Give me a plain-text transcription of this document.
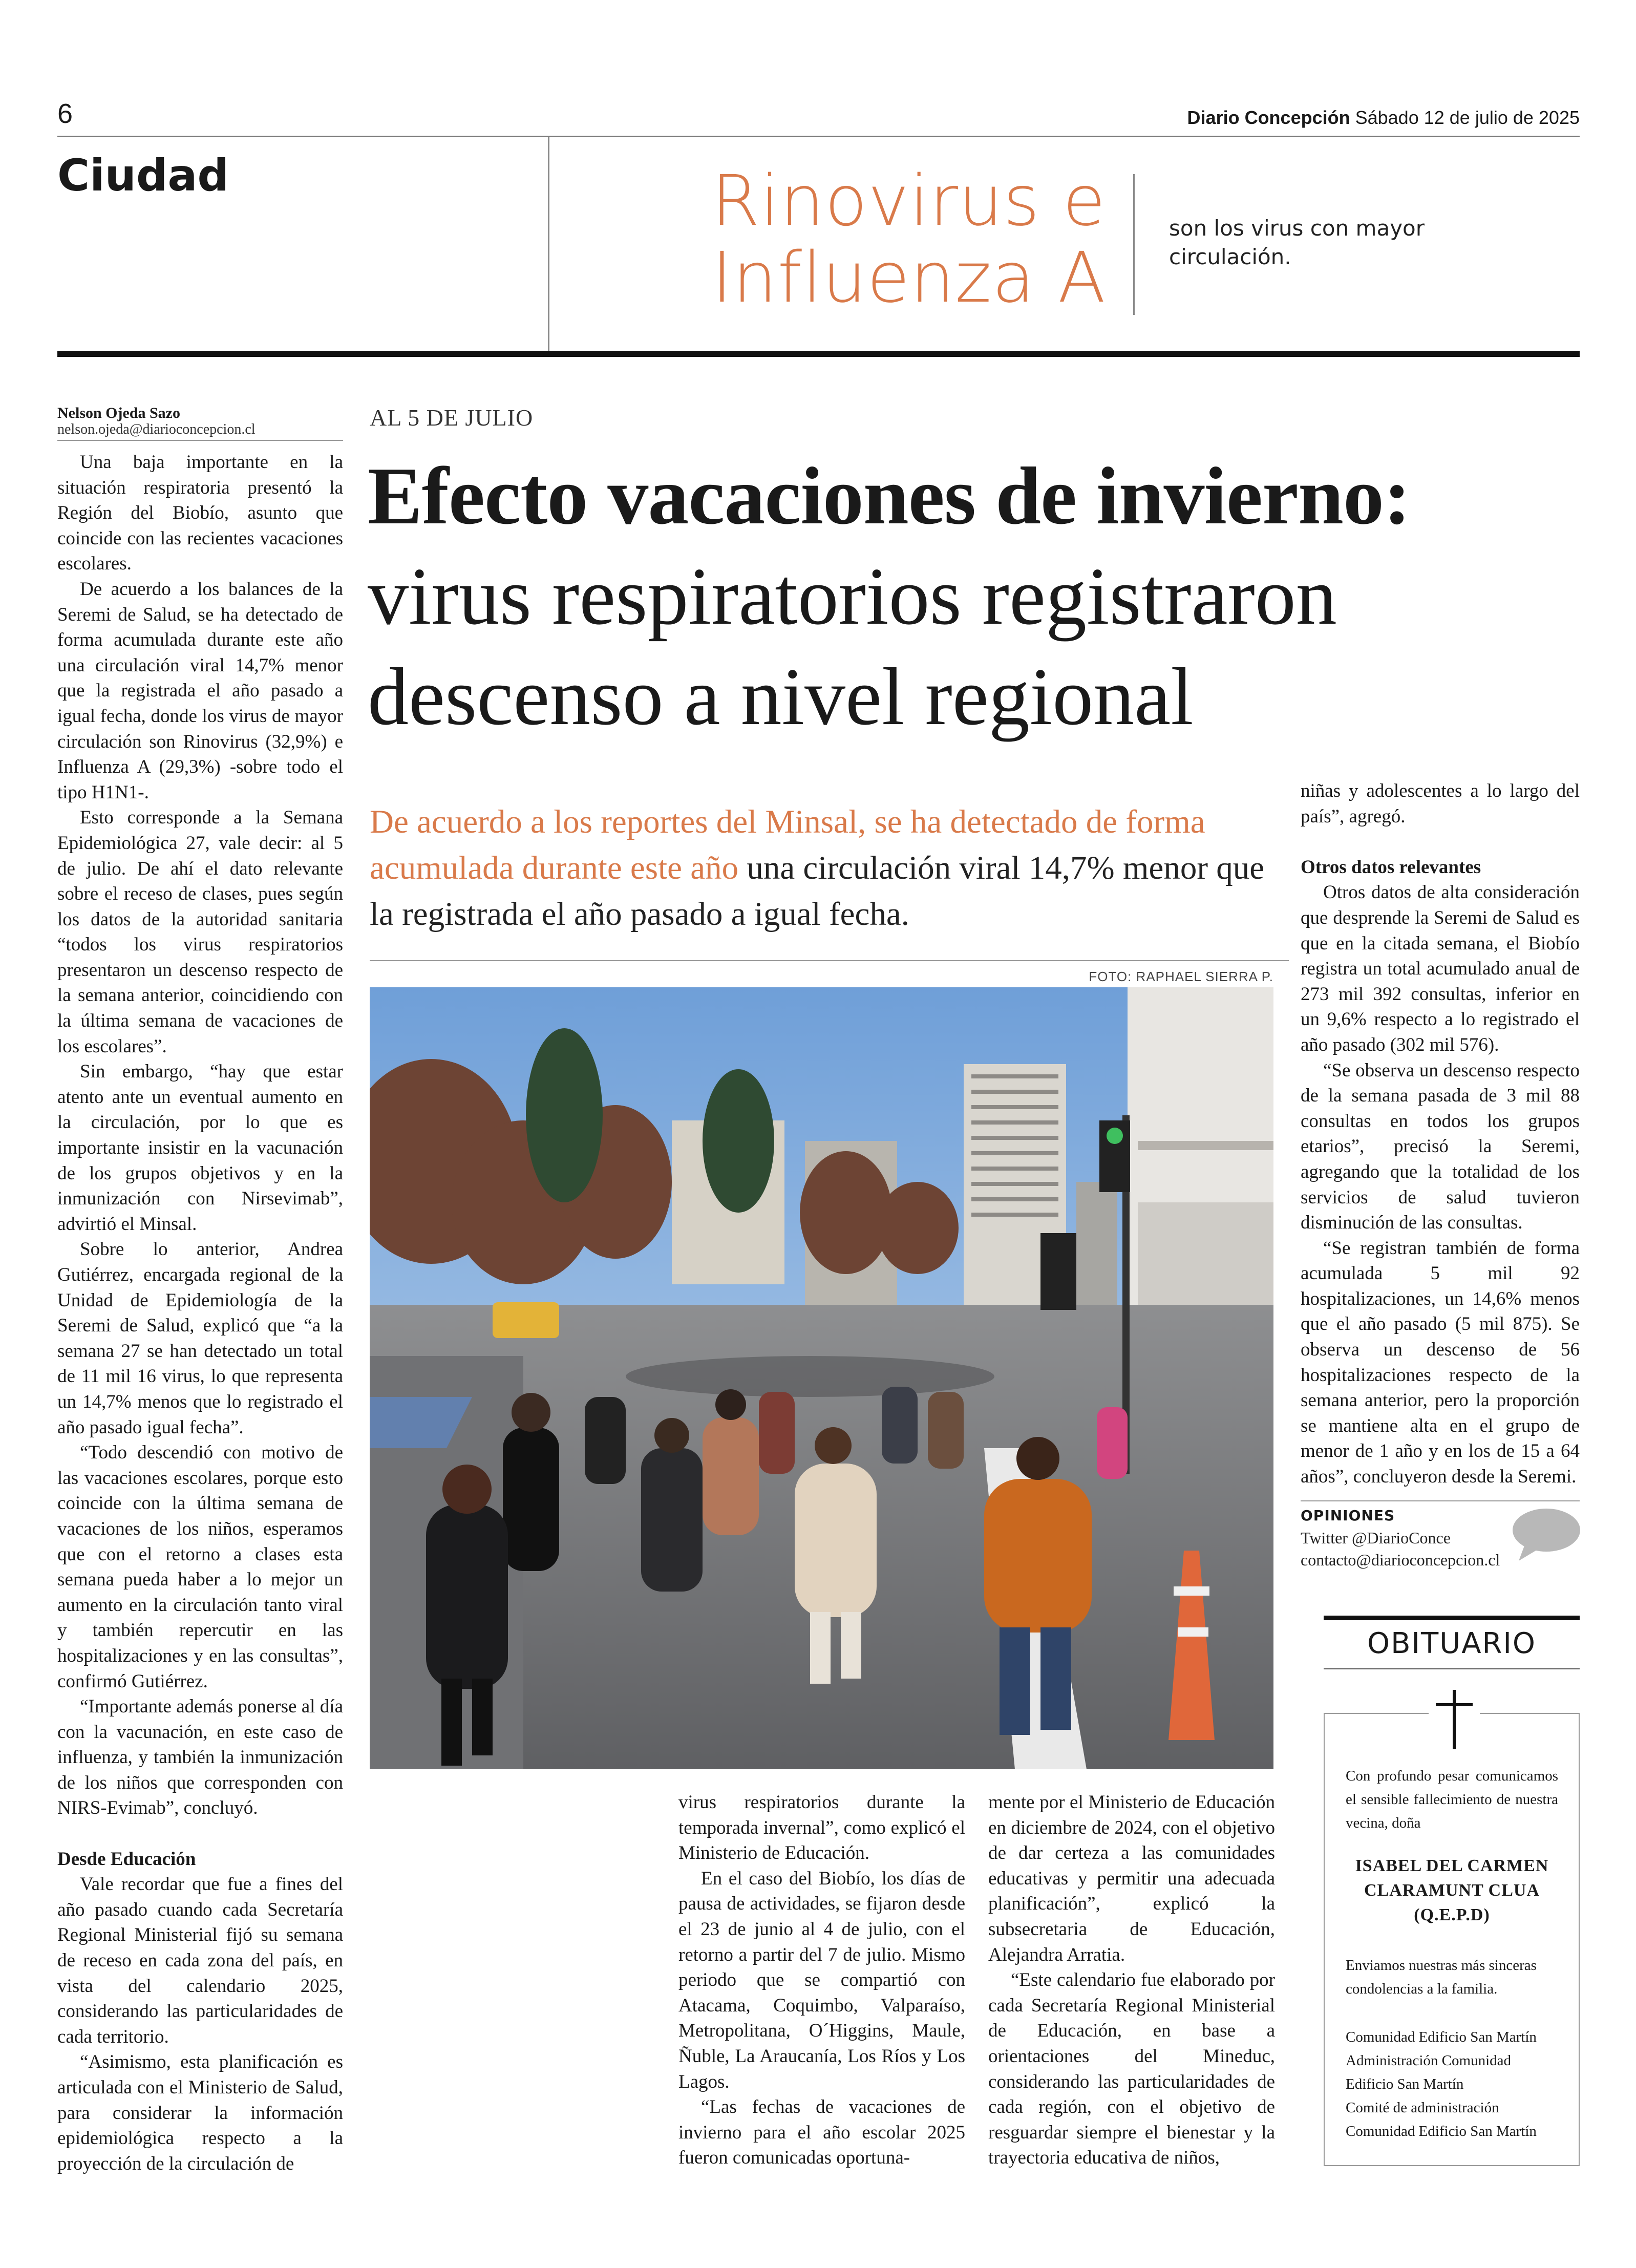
6	Diario Concepción Sábado 12 de julio de 2025
Ciudad	Rinovirus e
Influenza A
son los virus con mayor circulación.
Nelson Ojeda Sazo
nelson.ojeda@diarioconcepcion.cl	AL 5 DE JULIO
Efecto vacaciones de invierno:
virus respiratorios registraron
descenso a nivel regional
De acuerdo a los reportes del Minsal, se ha detectado de forma acumulada durante este año una circulación viral 14,7% menor que la registrada el año pasado a igual fecha.
FOTO: RAPHAEL SIERRA P.

Una baja importante en la situación respiratoria presentó la Región del Biobío, asunto que coincide con las recientes vacaciones escolares.

De acuerdo a los balances de la Seremi de Salud, se ha detectado de forma acumulada durante este año una circulación viral 14,7% menor que la registrada el año pasado a igual fecha, donde los virus de mayor circulación son Rinovirus (32,9%) e Influenza A (29,3%) -sobre todo el tipo H1N1-.

Esto corresponde a la Semana Epidemiológica 27, vale decir: al 5 de julio. De ahí el dato relevante sobre el receso de clases, pues según los datos de la autoridad sanitaria “todos los virus respiratorios presentaron un descenso respecto de la semana anterior, coincidiendo con la última semana de vacaciones de los escolares”.

Sin embargo, “hay que estar atento ante un eventual aumento en la circulación, por lo que es importante insistir en la vacunación de los grupos objetivos y en la inmunización con Nirsevimab”, advirtió el Minsal.

Sobre lo anterior, Andrea Gutiérrez, encargada regional de la Unidad de Epidemiología de la Seremi de Salud, explicó que “a la semana 27 se han detectado un total de 11 mil 16 virus, lo que representa un 14,7% menos que lo registrado el año pasado igual fecha”.

“Todo descendió con motivo de las vacaciones escolares, porque esto coincide con la última semana de vacaciones de los niños, esperamos que con el retorno a clases esta semana pueda haber a lo mejor un aumento en la circulación tanto viral y también repercutir en las hospitalizaciones y en las consultas”, confirmó Gutiérrez.

“Importante además ponerse al día con la vacunación, en este caso de influenza, y también la inmunización de los niños que corresponden con NIRS-Evimab”, concluyó.

Desde Educación

Vale recordar que fue a fines del año pasado cuando cada Secretaría Regional Ministerial fijó su semana de receso en cada zona del país, en vista del calendario 2025, considerando las particularidades de cada territorio.

“Asimismo, esta planificación es articulada con el Ministerio de Salud, para considerar la información epidemiológica respecto a la proyección de la circulación de

virus respiratorios durante la temporada invernal”, como explicó el Ministerio de Educación.

En el caso del Biobío, los días de pausa de actividades, se fijaron desde el 23 de junio al 4 de julio, con el retorno a partir del 7 de julio. Mismo periodo que se compartió con Atacama, Coquimbo, Valparaíso, Metropolitana, O´Higgins, Maule, Ñuble, La Araucanía, Los Ríos y Los Lagos.

“Las fechas de vacaciones de invierno para el año escolar 2025 fueron comunicadas oportuna-

mente por el Ministerio de Educación en diciembre de 2024, con el objetivo de dar certeza a las comunidades educativas y permitir una adecuada planificación”, explicó la subsecretaria de Educación, Alejandra Arratia.

“Este calendario fue elaborado por cada Secretaría Regional Ministerial de Educación, en base a orientaciones del Mineduc, considerando las particularidades de cada región, con el objetivo de resguardar siempre el bienestar y la trayectoria educativa de niños,

niñas y adolescentes a lo largo del país”, agregó.

Otros datos relevantes

Otros datos de alta consideración que desprende la Seremi de Salud es que en la citada semana, el Biobío registra un total acumulado anual de 273 mil 392 consultas, inferior en un 9,6% respecto a lo registrado el año pasado (302 mil 576).

“Se observa un descenso respecto de la semana pasada de 3 mil 88 consultas en todos los grupos etarios”, precisó la Seremi, agregando que la totalidad de los servicios de salud tuvieron disminución de las consultas.

“Se registran también de forma acumulada 5 mil 92 hospitalizaciones, un 14,6% menos que el año pasado (5 mil 875). Se observa un descenso de 56 hospitalizaciones respecto de la semana anterior, pero la proporción se mantiene alta en el grupo de menor de 1 año y en los de 15 a 64 años”, concluyeron desde la Seremi.

OPINIONES
Twitter @DiarioConce
contacto@diarioconcepcion.cl
OBITUARIO
Con profundo pesar comunicamos el sensible fallecimiento de nuestra vecina, doña
ISABEL DEL CARMEN
CLARAMUNT CLUA
(Q.E.P.D)
Enviamos nuestras más sinceras condolencias a la familia.
Comunidad Edificio San Martín
Administración Comunidad
Edificio San Martín
Comité de administración
Comunidad Edificio San Martín
